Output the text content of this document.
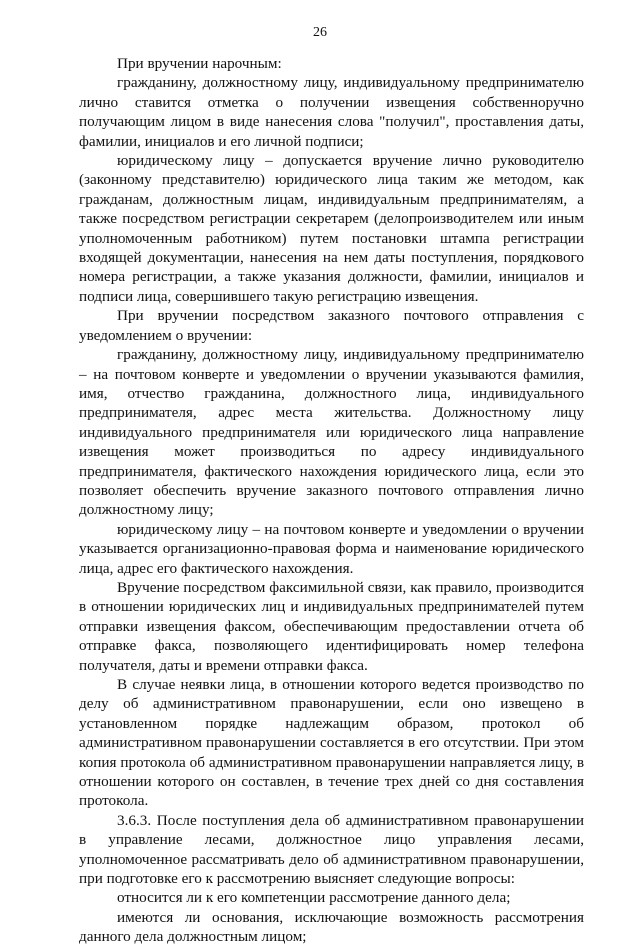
26

При вручении нарочным:

гражданину, должностному лицу, индивидуальному предпринимателю лично ставится отметка о получении извещения собственноручно получающим лицом в виде нанесения слова "получил", проставления даты, фамилии, инициалов и его личной подписи;

юридическому лицу – допускается вручение лично руководителю (законному представителю) юридического лица таким же методом, как гражданам, должностным лицам, индивидуальным предпринимателям, а также посредством регистрации секретарем (делопроизводителем или иным уполномоченным работником) путем постановки штампа регистрации входящей документации, нанесения на нем даты поступления, порядкового номера регистрации, а также указания должности, фамилии, инициалов и подписи лица, совершившего такую регистрацию извещения.

При вручении посредством заказного почтового отправления с уведомлением о вручении:

гражданину, должностному лицу, индивидуальному предпринимателю – на почтовом конверте и уведомлении о вручении указываются фамилия, имя, отчество гражданина, должностного лица, индивидуального предпринимателя, адрес места жительства. Должностному лицу индивидуального предпринимателя или юридического лица направление извещения может производиться по адресу индивидуального предпринимателя, фактического нахождения юридического лица, если это позволяет обеспечить вручение заказного почтового отправления лично должностному лицу;

юридическому лицу – на почтовом конверте и уведомлении о вручении указывается организационно-правовая форма и наименование юридического лица, адрес его фактического нахождения.

Вручение посредством факсимильной связи, как правило, производится в отношении юридических лиц и индивидуальных предпринимателей путем отправки извещения факсом, обеспечивающим предоставлении отчета об отправке факса, позволяющего идентифицировать номер телефона получателя, даты и времени отправки факса.

В случае неявки лица, в отношении которого ведется производство по делу об административном правонарушении, если оно извещено в установленном порядке надлежащим образом, протокол об административном правонарушении составляется в его отсутствии. При этом копия протокола об административном правонарушении направляется лицу, в отношении которого он составлен, в течение трех дней со дня составления протокола.

3.6.3. После поступления дела об административном правонарушении в управление лесами, должностное лицо управления лесами, уполномоченное рассматривать дело об административном правонарушении, при подготовке его к рассмотрению выясняет следующие вопросы:

относится ли к его компетенции рассмотрение данного дела;

имеются ли основания, исключающие возможность рассмотрения данного дела должностным лицом;
